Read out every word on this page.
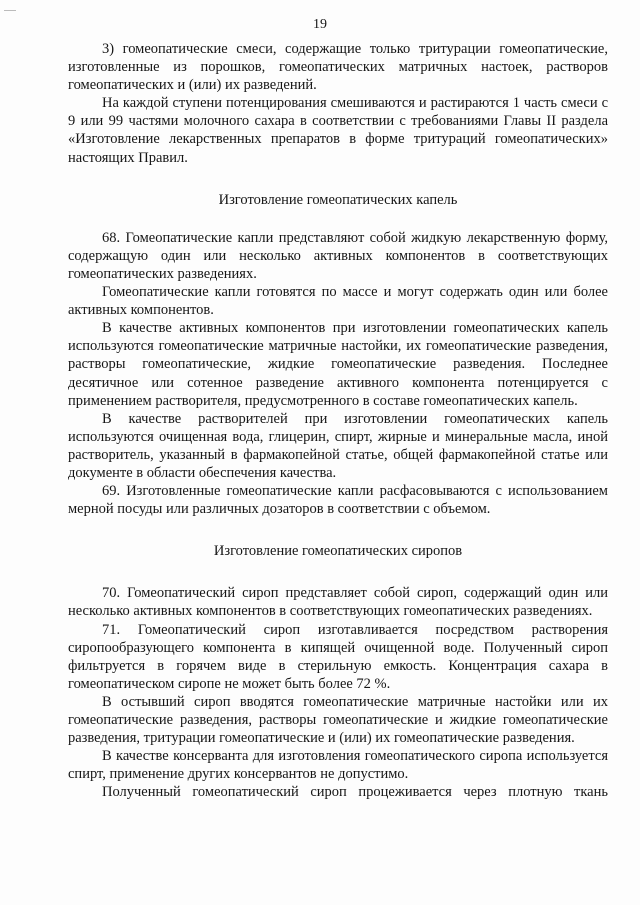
19

3) гомеопатические смеси, содержащие только тритурации гомеопатические, изготовленные из порошков, гомеопатических матричных настоек, растворов гомеопатических и (или) их разведений.

На каждой ступени потенцирования смешиваются и растираются 1 часть смеси с 9 или 99 частями молочного сахара в соответствии с требованиями Главы II раздела «Изготовление лекарственных препаратов в форме тритураций гомеопатических» настоящих Правил.

Изготовление гомеопатических капель

68. Гомеопатические капли представляют собой жидкую лекарственную форму, содержащую один или несколько активных компонентов в соответствующих гомеопатических разведениях.

Гомеопатические капли готовятся по массе и могут содержать один или более активных компонентов.

В качестве активных компонентов при изготовлении гомеопатических капель используются гомеопатические матричные настойки, их гомеопатические разведения, растворы гомеопатические, жидкие гомеопатические разведения. Последнее десятичное или сотенное разведение активного компонента потенцируется с применением растворителя, предусмотренного в составе гомеопатических капель.

В качестве растворителей при изготовлении гомеопатических капель используются очищенная вода, глицерин, спирт, жирные и минеральные масла, иной растворитель, указанный в фармакопейной статье, общей фармакопейной статье или документе в области обеспечения качества.

69. Изготовленные гомеопатические капли расфасовываются с использованием мерной посуды или различных дозаторов в соответствии с объемом.

Изготовление гомеопатических сиропов

70. Гомеопатический сироп представляет собой сироп, содержащий один или несколько активных компонентов в соответствующих гомеопатических разведениях.

71. Гомеопатический сироп изготавливается посредством растворения сиропообразующего компонента в кипящей очищенной воде. Полученный сироп фильтруется в горячем виде в стерильную емкость. Концентрация сахара в гомеопатическом сиропе не может быть более 72 %.

В остывший сироп вводятся гомеопатические матричные настойки или их гомеопатические разведения, растворы гомеопатические и жидкие гомеопатические разведения, тритурации гомеопатические и (или) их гомеопатические разведения.

В качестве консерванта для изготовления гомеопатического сиропа используется спирт, применение других консервантов не допустимо.

Полученный гомеопатический сироп процеживается через плотную ткань
